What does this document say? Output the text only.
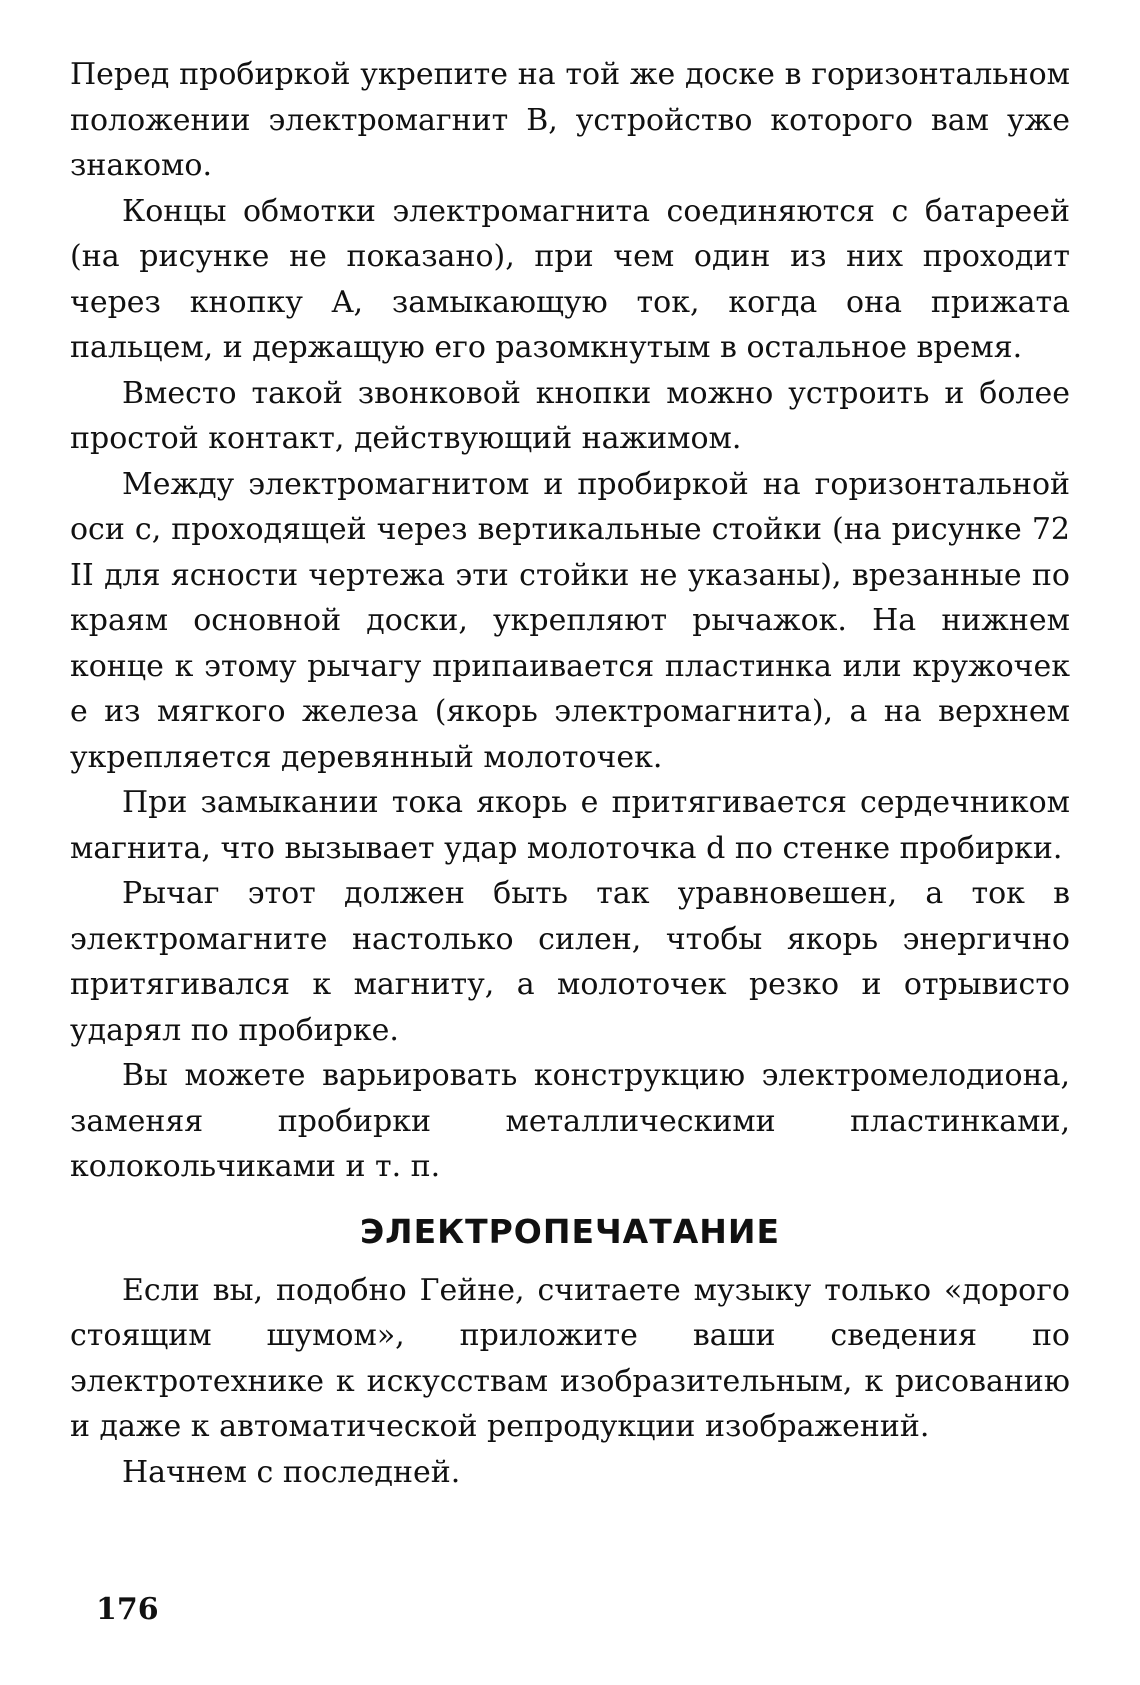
Перед пробиркой укрепите на той же доске в горизонтальном положении электромагнит B, устройство которого вам уже знакомо.

Концы обмотки электромагнита соединяются с батареей (на рисунке не показано), при чем один из них проходит через кнопку A, замыкающую ток, когда она прижата пальцем, и держащую его разомкнутым в остальное время.

Вместо такой звонковой кнопки можно устроить и более простой контакт, действующий нажимом.

Между электромагнитом и пробиркой на горизонтальной оси c, проходящей через вертикальные стойки (на рисунке 72 II для ясности чертежа эти стойки не указаны), врезанные по краям основной доски, укрепляют рычажок. На нижнем конце к этому рычагу припаивается пластинка или кружочек e из мягкого железа (якорь электромагнита), а на верхнем укрепляется деревянный молоточек.

При замыкании тока якорь e притягивается сердечником магнита, что вызывает удар молоточка d по стенке пробирки.

Рычаг этот должен быть так уравновешен, а ток в электромагните настолько силен, чтобы якорь энергично притягивался к магниту, а молоточек резко и отрывисто ударял по пробирке.

Вы можете варьировать конструкцию электромелодиона, заменяя пробирки металлическими пластинками, колокольчиками и т. п.

ЭЛЕКТРОПЕЧАТАНИЕ

Если вы, подобно Гейне, считаете музыку только «дорого стоящим шумом», приложите ваши сведения по электротехнике к искусствам изобразительным, к рисованию и даже к автоматической репродукции изображений.

Начнем с последней.

176
